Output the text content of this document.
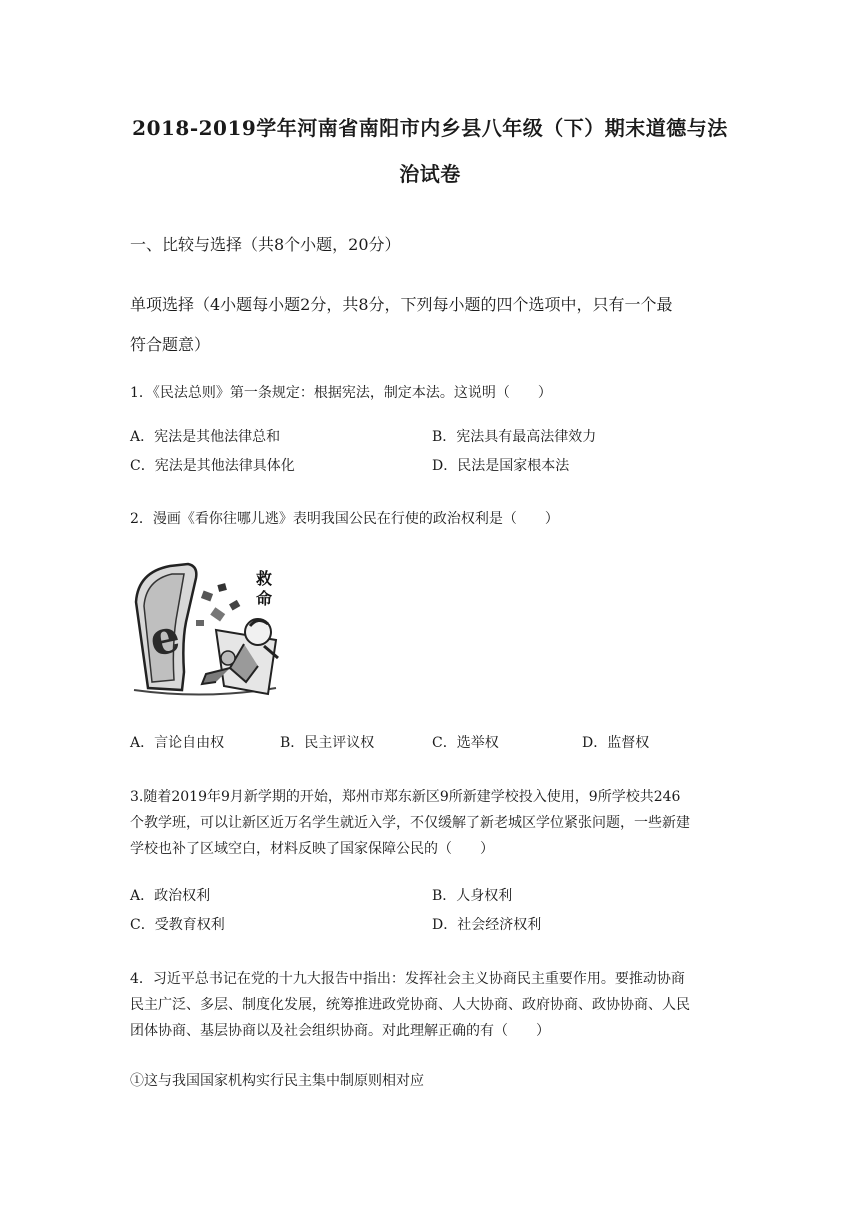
2018-2019学年河南省南阳市内乡县八年级（下）期末道德与法
治试卷
一、比较与选择（共8个小题，20分）
单项选择（4小题每小题2分，共8分，下列每小题的四个选项中，只有一个最
符合题意）
1．《民法总则》第一条规定：根据宪法，制定本法。这说明（　　）
A．宪法是其他法律总和	B．宪法具有最高法律效力
C．宪法是其他法律具体化	D．民法是国家根本法
2．漫画《看你往哪儿逃》表明我国公民在行使的政治权利是（　　）
e
救
命
A．言论自由权	B．民主评议权	C．选举权	D．监督权
3.随着2019年9月新学期的开始，郑州市郑东新区9所新建学校投入使用，9所学校共246
个教学班，可以让新区近万名学生就近入学，不仅缓解了新老城区学位紧张问题，一些新建
学校也补了区域空白，材料反映了国家保障公民的（　　）
A．政治权利	B．人身权利
C．受教育权利	D．社会经济权利
4．习近平总书记在党的十九大报告中指出：发挥社会主义协商民主重要作用。要推动协商
民主广泛、多层、制度化发展，统筹推进政党协商、人大协商、政府协商、政协协商、人民
团体协商、基层协商以及社会组织协商。对此理解正确的有（　　）
①这与我国国家机构实行民主集中制原则相对应
